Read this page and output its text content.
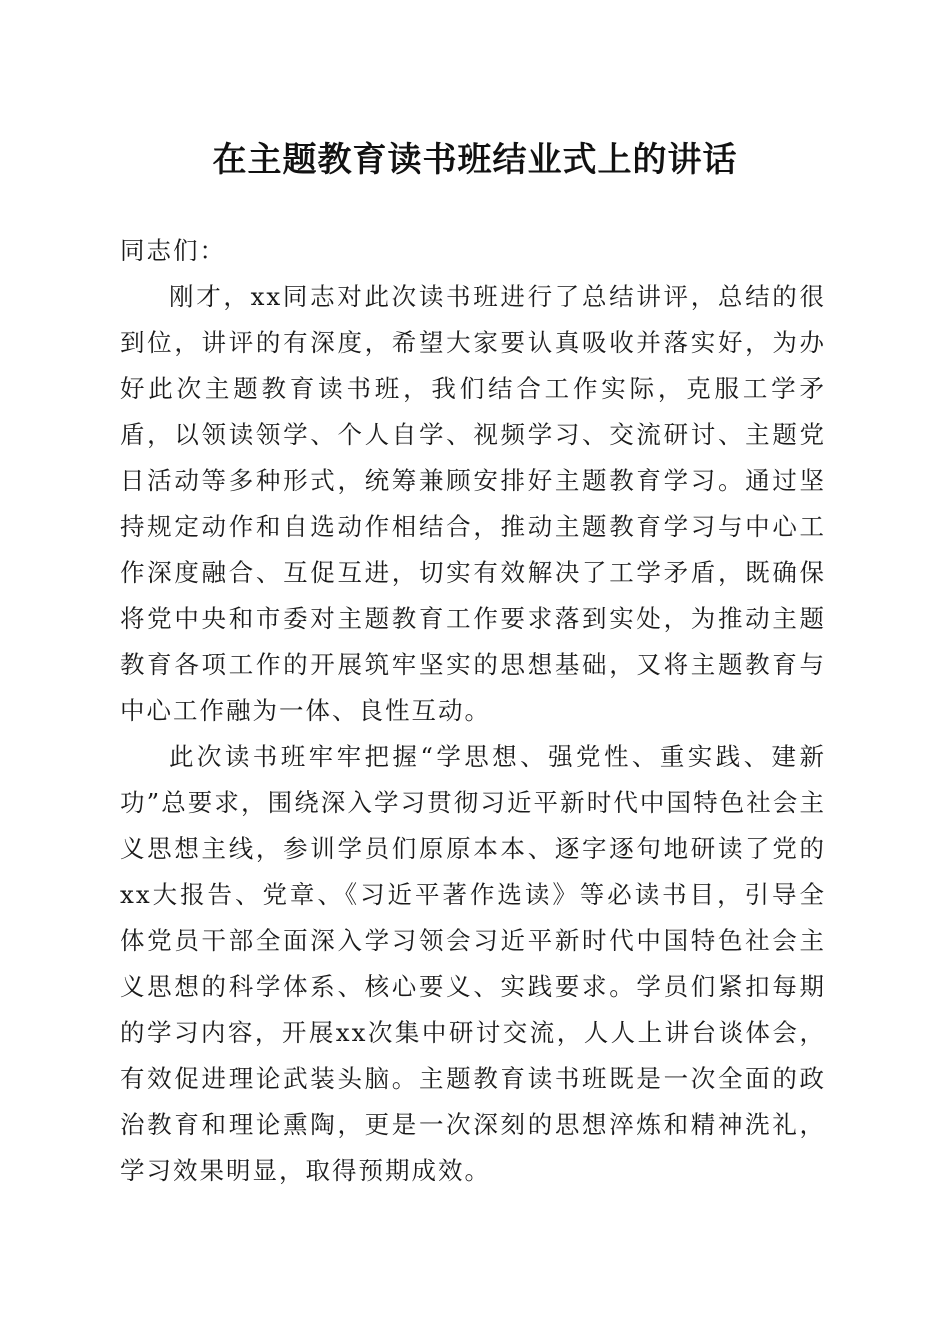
在主题教育读书班结业式上的讲话

同志们：

刚才，xx同志对此次读书班进行了总结讲评，总结的很到位，讲评的有深度，希望大家要认真吸收并落实好，为办好此次主题教育读书班，我们结合工作实际，克服工学矛盾，以领读领学、个人自学、视频学习、交流研讨、主题党日活动等多种形式，统筹兼顾安排好主题教育学习。通过坚持规定动作和自选动作相结合，推动主题教育学习与中心工作深度融合、互促互进，切实有效解决了工学矛盾，既确保将党中央和市委对主题教育工作要求落到实处，为推动主题教育各项工作的开展筑牢坚实的思想基础，又将主题教育与中心工作融为一体、良性互动。

此次读书班牢牢把握“学思想、强党性、重实践、建新功”总要求，围绕深入学习贯彻习近平新时代中国特色社会主义思想主线，参训学员们原原本本、逐字逐句地研读了党的xx大报告、党章、《习近平著作选读》等必读书目，引导全体党员干部全面深入学习领会习近平新时代中国特色社会主义思想的科学体系、核心要义、实践要求。学员们紧扣每期的学习内容，开展xx次集中研讨交流，人人上讲台谈体会，有效促进理论武装头脑。主题教育读书班既是一次全面的政治教育和理论熏陶，更是一次深刻的思想淬炼和精神洗礼，学习效果明显，取得预期成效。
